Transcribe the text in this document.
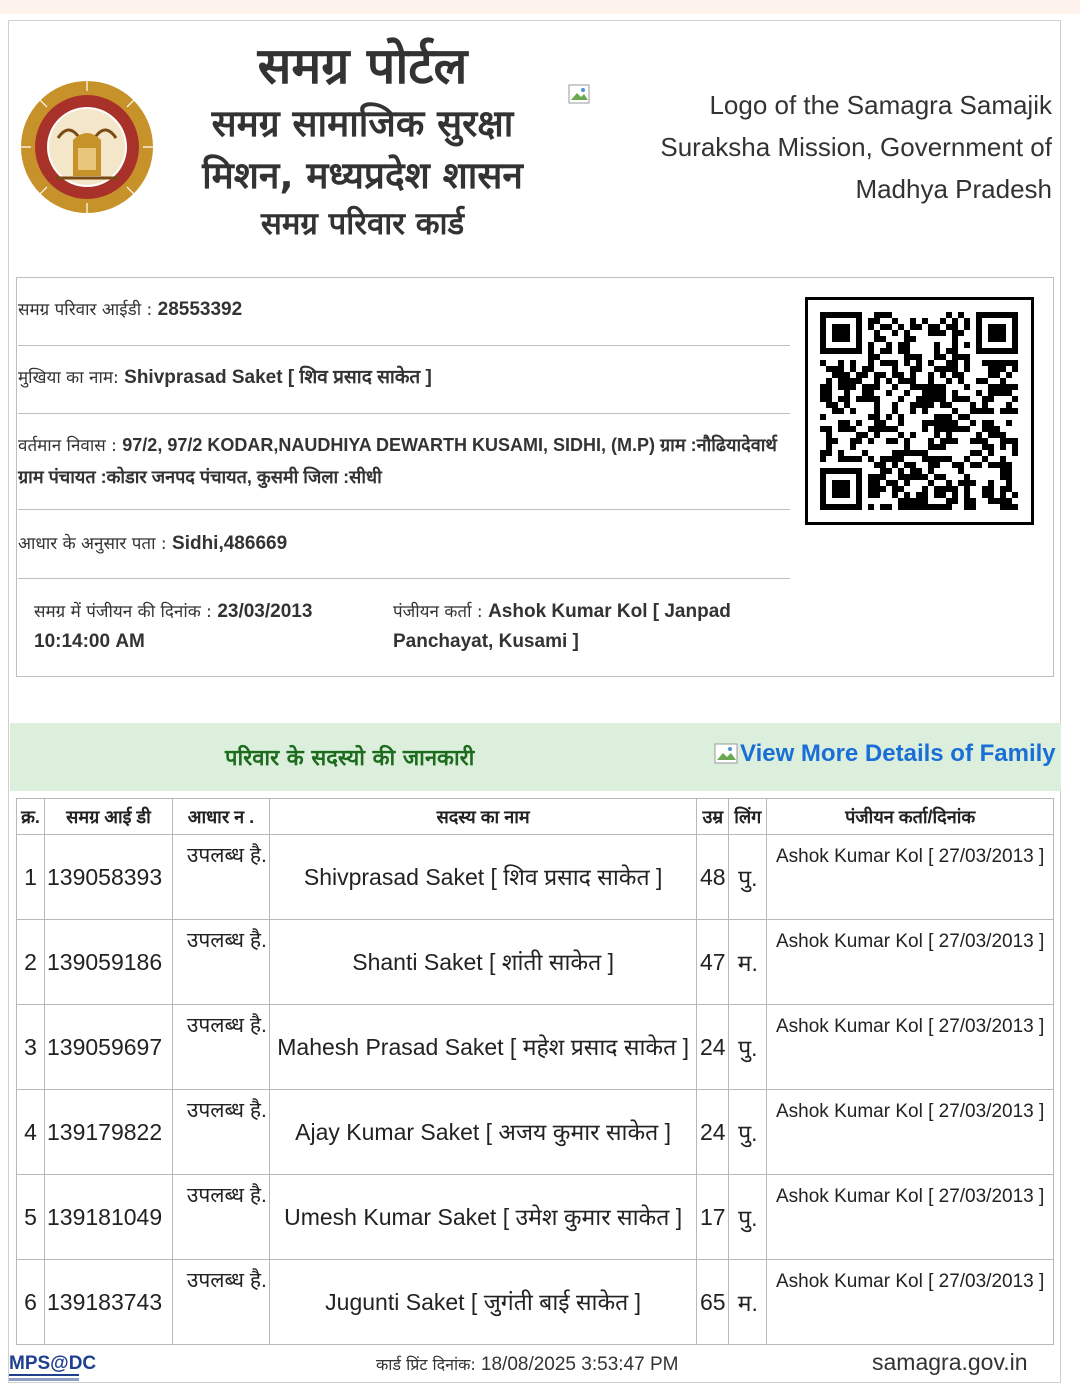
समग्र पोर्टल
समग्र सामाजिक सुरक्षा
मिशन, मध्यप्रदेश शासन
समग्र परिवार कार्ड
Logo of the Samagra Samajik Suraksha Mission, Government of Madhya Pradesh
समग्र परिवार आईडी : 28553392
मुखिया का नाम: Shivprasad Saket [ शिव प्रसाद साकेत ]
वर्तमान निवास : 97/2, 97/2 KODAR,NAUDHIYA DEWARTH KUSAMI, SIDHI, (M.P) ग्राम :नौढियादेवार्थ ग्राम पंचायत :कोडार जनपद पंचायत, कुसमी जिला :सीधी
आधार के अनुसार पता : Sidhi,486669
समग्र में पंजीयन की दिनांक : 23/03/2013 10:14:00 AM
पंजीयन कर्ता : Ashok Kumar Kol [ Janpad Panchayat, Kusami ]
परिवार के सदस्यो की जानकारी	View More Details of Family
क्र.	समग्र आई डी	आधार न .	सदस्य का नाम	उम्र	लिंग	पंजीयन कर्ता/दिनांक
1	139058393	उपलब्ध है.	Shivprasad Saket [ शिव प्रसाद साकेत ]	48	पु.	Ashok Kumar Kol [ 27/03/2013 ]
2	139059186	उपलब्ध है.	Shanti Saket [ शांती साकेत ]	47	म.	Ashok Kumar Kol [ 27/03/2013 ]
3	139059697	उपलब्ध है.	Mahesh Prasad Saket [ महेश प्रसाद साकेत ]	24	पु.	Ashok Kumar Kol [ 27/03/2013 ]
4	139179822	उपलब्ध है.	Ajay Kumar Saket [ अजय कुमार साकेत ]	24	पु.	Ashok Kumar Kol [ 27/03/2013 ]
5	139181049	उपलब्ध है.	Umesh Kumar Saket [ उमेश कुमार साकेत ]	17	पु.	Ashok Kumar Kol [ 27/03/2013 ]
6	139183743	उपलब्ध है.	Jugunti Saket [ जुगंती बाई साकेत ]	65	म.	Ashok Kumar Kol [ 27/03/2013 ]
MPS@DC	कार्ड प्रिंट दिनांक: 18/08/2025 3:53:47 PM	samagra.gov.in
